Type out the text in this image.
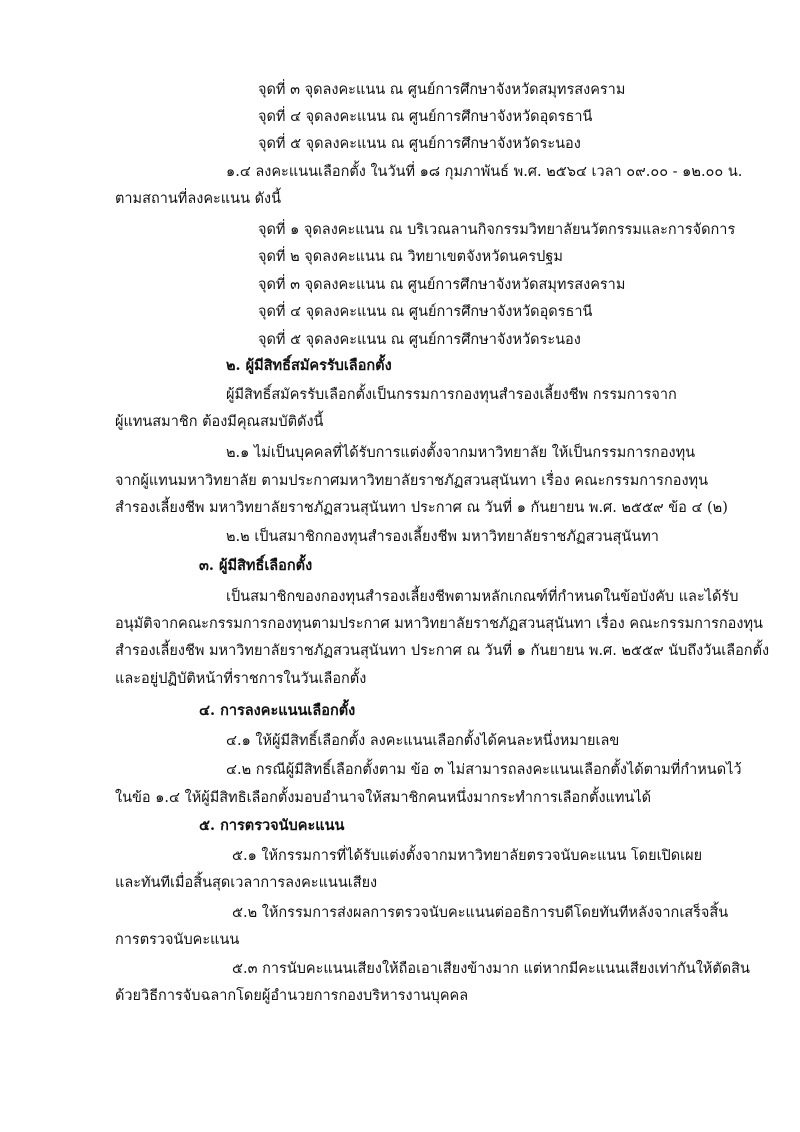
จุดที่ ๓ จุดลงคะแนน ณ ศูนย์การศึกษาจังหวัดสมุทรสงคราม

จุดที่ ๔ จุดลงคะแนน ณ ศูนย์การศึกษาจังหวัดอุดรธานี

จุดที่ ๕ จุดลงคะแนน ณ ศูนย์การศึกษาจังหวัดระนอง

๑.๔ ลงคะแนนเลือกตั้ง ในวันที่ ๑๘ กุมภาพันธ์ พ.ศ. ๒๕๖๔ เวลา ๐๙.๐๐ - ๑๒.๐๐ น.

ตามสถานที่ลงคะแนน ดังนี้

จุดที่ ๑ จุดลงคะแนน ณ บริเวณลานกิจกรรมวิทยาลัยนวัตกรรมและการจัดการ

จุดที่ ๒ จุดลงคะแนน ณ วิทยาเขตจังหวัดนครปฐม

จุดที่ ๓ จุดลงคะแนน ณ ศูนย์การศึกษาจังหวัดสมุทรสงคราม

จุดที่ ๔ จุดลงคะแนน ณ ศูนย์การศึกษาจังหวัดอุดรธานี

จุดที่ ๕ จุดลงคะแนน ณ ศูนย์การศึกษาจังหวัดระนอง

๒. ผู้มีสิทธิ์สมัครรับเลือกตั้ง

ผู้มีสิทธิ์สมัครรับเลือกตั้งเป็นกรรมการกองทุนสำรองเลี้ยงชีพ กรรมการจาก

ผู้แทนสมาชิก ต้องมีคุณสมบัติดังนี้

๒.๑ ไม่เป็นบุคคลที่ได้รับการแต่งตั้งจากมหาวิทยาลัย ให้เป็นกรรมการกองทุน

จากผู้แทนมหาวิทยาลัย ตามประกาศมหาวิทยาลัยราชภัฏสวนสุนันทา เรื่อง คณะกรรมการกองทุน

สำรองเลี้ยงชีพ มหาวิทยาลัยราชภัฏสวนสุนันทา ประกาศ ณ วันที่ ๑ กันยายน พ.ศ. ๒๕๕๙ ข้อ ๔ (๒)

๒.๒ เป็นสมาชิกกองทุนสำรองเลี้ยงชีพ มหาวิทยาลัยราชภัฏสวนสุนันทา

๓. ผู้มีสิทธิ์เลือกตั้ง

เป็นสมาชิกของกองทุนสำรองเลี้ยงชีพตามหลักเกณฑ์ที่กำหนดในข้อบังคับ และได้รับ

อนุมัติจากคณะกรรมการกองทุนตามประกาศ มหาวิทยาลัยราชภัฏสวนสุนันทา เรื่อง คณะกรรมการกองทุน

สำรองเลี้ยงชีพ มหาวิทยาลัยราชภัฏสวนสุนันทา ประกาศ ณ วันที่ ๑ กันยายน พ.ศ. ๒๕๕๙ นับถึงวันเลือกตั้ง

และอยู่ปฏิบัติหน้าที่ราชการในวันเลือกตั้ง

๔. การลงคะแนนเลือกตั้ง

๔.๑ ให้ผู้มีสิทธิ์เลือกตั้ง ลงคะแนนเลือกตั้งได้คนละหนึ่งหมายเลข

๔.๒ กรณีผู้มีสิทธิ์เลือกตั้งตาม ข้อ ๓ ไม่สามารถลงคะแนนเลือกตั้งได้ตามที่กำหนดไว้

ในข้อ ๑.๔ ให้ผู้มีสิทธิเลือกตั้งมอบอำนาจให้สมาชิกคนหนึ่งมากระทำการเลือกตั้งแทนได้

๕. การตรวจนับคะแนน

๕.๑ ให้กรรมการที่ได้รับแต่งตั้งจากมหาวิทยาลัยตรวจนับคะแนน โดยเปิดเผย

และทันทีเมื่อสิ้นสุดเวลาการลงคะแนนเสียง

๕.๒ ให้กรรมการส่งผลการตรวจนับคะแนนต่ออธิการบดีโดยทันทีหลังจากเสร็จสิ้น

การตรวจนับคะแนน

๕.๓ การนับคะแนนเสียงให้ถือเอาเสียงข้างมาก แต่หากมีคะแนนเสียงเท่ากันให้ตัดสิน

ด้วยวิธีการจับฉลากโดยผู้อำนวยการกองบริหารงานบุคคล
